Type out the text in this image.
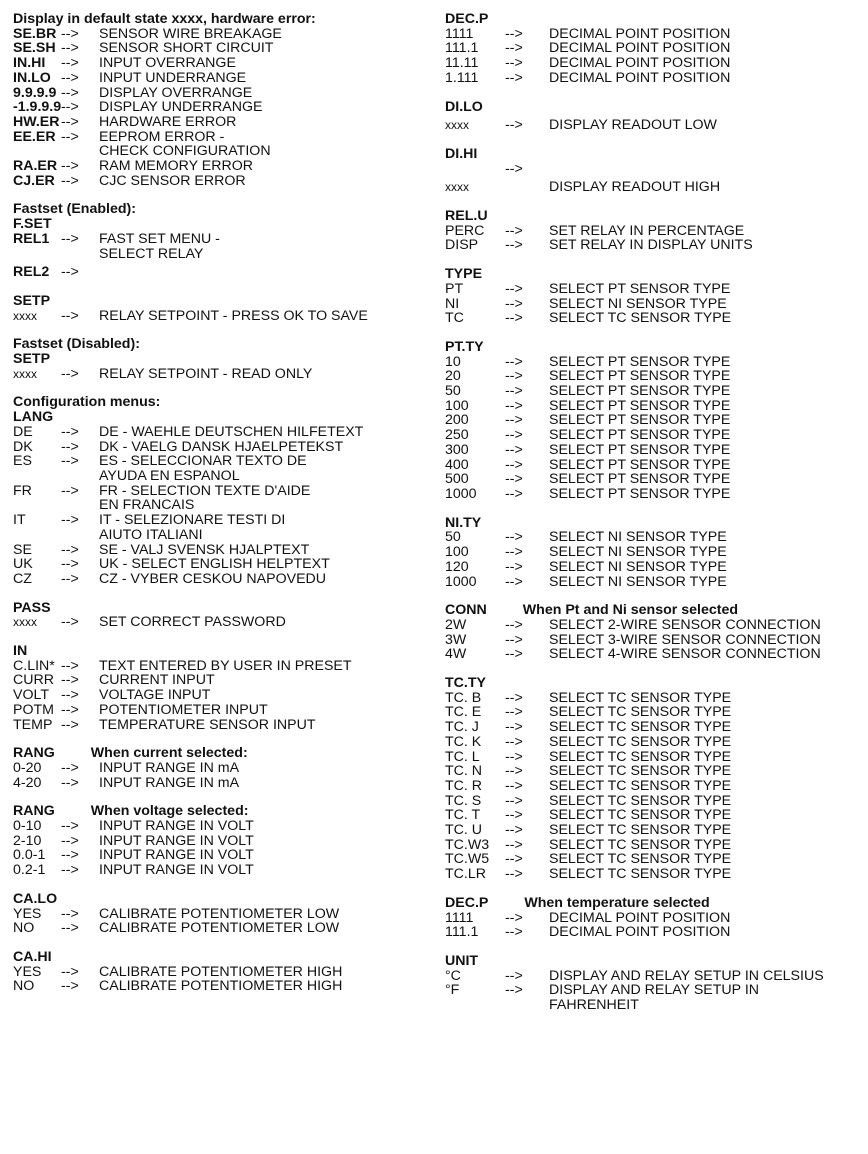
Display in default state xxxx, hardware error:
SE.BR -->	SENSOR WIRE BREAKAGE
SE.SH -->	SENSOR SHORT CIRCUIT
IN.HI	-->	INPUT OVERRANGE
IN.LO -->	INPUT UNDERRANGE
9.9.9.9 -->	DISPLAY OVERRANGE
-1.9.9.9 -->	DISPLAY UNDERRANGE
HW.ER -->	HARDWARE ERROR
EE.ER -->	EEPROM ERROR -
CHECK CONFIGURATION
RA.ER -->	RAM MEMORY ERROR
CJ.ER -->	CJC SENSOR ERROR
Fastset (Enabled):
F.SET
REL1 -->	FAST SET MENU -
SELECT RELAY
REL2 -->
SETP
xxxx	-->	RELAY SETPOINT - PRESS OK TO SAVE
Fastset (Disabled):
SETP
xxxx	-->	RELAY SETPOINT - READ ONLY
Configuration menus:
LANG
DE	-->	DE - WAEHLE DEUTSCHEN HILFETEXT
DK	-->	DK - VAELG DANSK HJAELPETEKST
ES	-->	ES - SELECCIONAR TEXTO DE
AYUDA EN ESPANOL
FR	-->	FR - SELECTION TEXTE D'AIDE
EN FRANCAIS
IT	-->	IT - SELEZIONARE TESTI DI
AIUTO ITALIANI
SE	-->	SE - VALJ SVENSK HJALPTEXT
UK	-->	UK - SELECT ENGLISH HELPTEXT
CZ	-->	CZ - VYBER CESKOU NAPOVEDU
PASS
xxxx	-->	SET CORRECT PASSWORD
IN
C.LIN* -->	TEXT ENTERED BY USER IN PRESET
CURR -->	CURRENT INPUT
VOLT -->	VOLTAGE INPUT
POTM -->	POTENTIOMETER INPUT
TEMP -->	TEMPERATURE SENSOR INPUT
RANG	When current selected:
0-20	-->	INPUT RANGE IN mA
4-20	-->	INPUT RANGE IN mA
RANG	When voltage selected:
0-10	-->	INPUT RANGE IN VOLT
2-10	-->	INPUT RANGE IN VOLT
0.0-1	-->	INPUT RANGE IN VOLT
0.2-1	-->	INPUT RANGE IN VOLT
CA.LO
YES	-->	CALIBRATE POTENTIOMETER LOW
NO	-->	CALIBRATE POTENTIOMETER LOW
CA.HI
YES	-->	CALIBRATE POTENTIOMETER HIGH
NO	-->	CALIBRATE POTENTIOMETER HIGH
DEC.P
1111	-->	DECIMAL POINT POSITION
111.1	-->	DECIMAL POINT POSITION
11.11	-->	DECIMAL POINT POSITION
1.111	-->	DECIMAL POINT POSITION
DI.LO
xxxx	-->	DISPLAY READOUT LOW
DI.HI
-->
xxxx	DISPLAY READOUT HIGH
REL.U
PERC	-->	SET RELAY IN PERCENTAGE
DISP	-->	SET RELAY IN DISPLAY UNITS
TYPE
PT	-->	SELECT PT SENSOR TYPE
NI	-->	SELECT NI SENSOR TYPE
TC	-->	SELECT TC SENSOR TYPE
PT.TY
10	-->	SELECT PT SENSOR TYPE
20	-->	SELECT PT SENSOR TYPE
50	-->	SELECT PT SENSOR TYPE
100	-->	SELECT PT SENSOR TYPE
200	-->	SELECT PT SENSOR TYPE
250	-->	SELECT PT SENSOR TYPE
300	-->	SELECT PT SENSOR TYPE
400	-->	SELECT PT SENSOR TYPE
500	-->	SELECT PT SENSOR TYPE
1000	-->	SELECT PT SENSOR TYPE
NI.TY
50	-->	SELECT NI SENSOR TYPE
100	-->	SELECT NI SENSOR TYPE
120	-->	SELECT NI SENSOR TYPE
1000	-->	SELECT NI SENSOR TYPE
CONN	When Pt and Ni sensor selected
2W	-->	SELECT 2-WIRE SENSOR CONNECTION
3W	-->	SELECT 3-WIRE SENSOR CONNECTION
4W	-->	SELECT 4-WIRE SENSOR CONNECTION
TC.TY
TC. B	-->	SELECT TC SENSOR TYPE
TC. E	-->	SELECT TC SENSOR TYPE
TC. J	-->	SELECT TC SENSOR TYPE
TC. K	-->	SELECT TC SENSOR TYPE
TC. L	-->	SELECT TC SENSOR TYPE
TC. N	-->	SELECT TC SENSOR TYPE
TC. R	-->	SELECT TC SENSOR TYPE
TC. S	-->	SELECT TC SENSOR TYPE
TC. T	-->	SELECT TC SENSOR TYPE
TC. U	-->	SELECT TC SENSOR TYPE
TC.W3	-->	SELECT TC SENSOR TYPE
TC.W5	-->	SELECT TC SENSOR TYPE
TC.LR	-->	SELECT TC SENSOR TYPE
DEC.P	When temperature selected
1111	-->	DECIMAL POINT POSITION
111.1	-->	DECIMAL POINT POSITION
UNIT
°C	-->	DISPLAY AND RELAY SETUP IN CELSIUS
°F	-->	DISPLAY AND RELAY SETUP IN
FAHRENHEIT
